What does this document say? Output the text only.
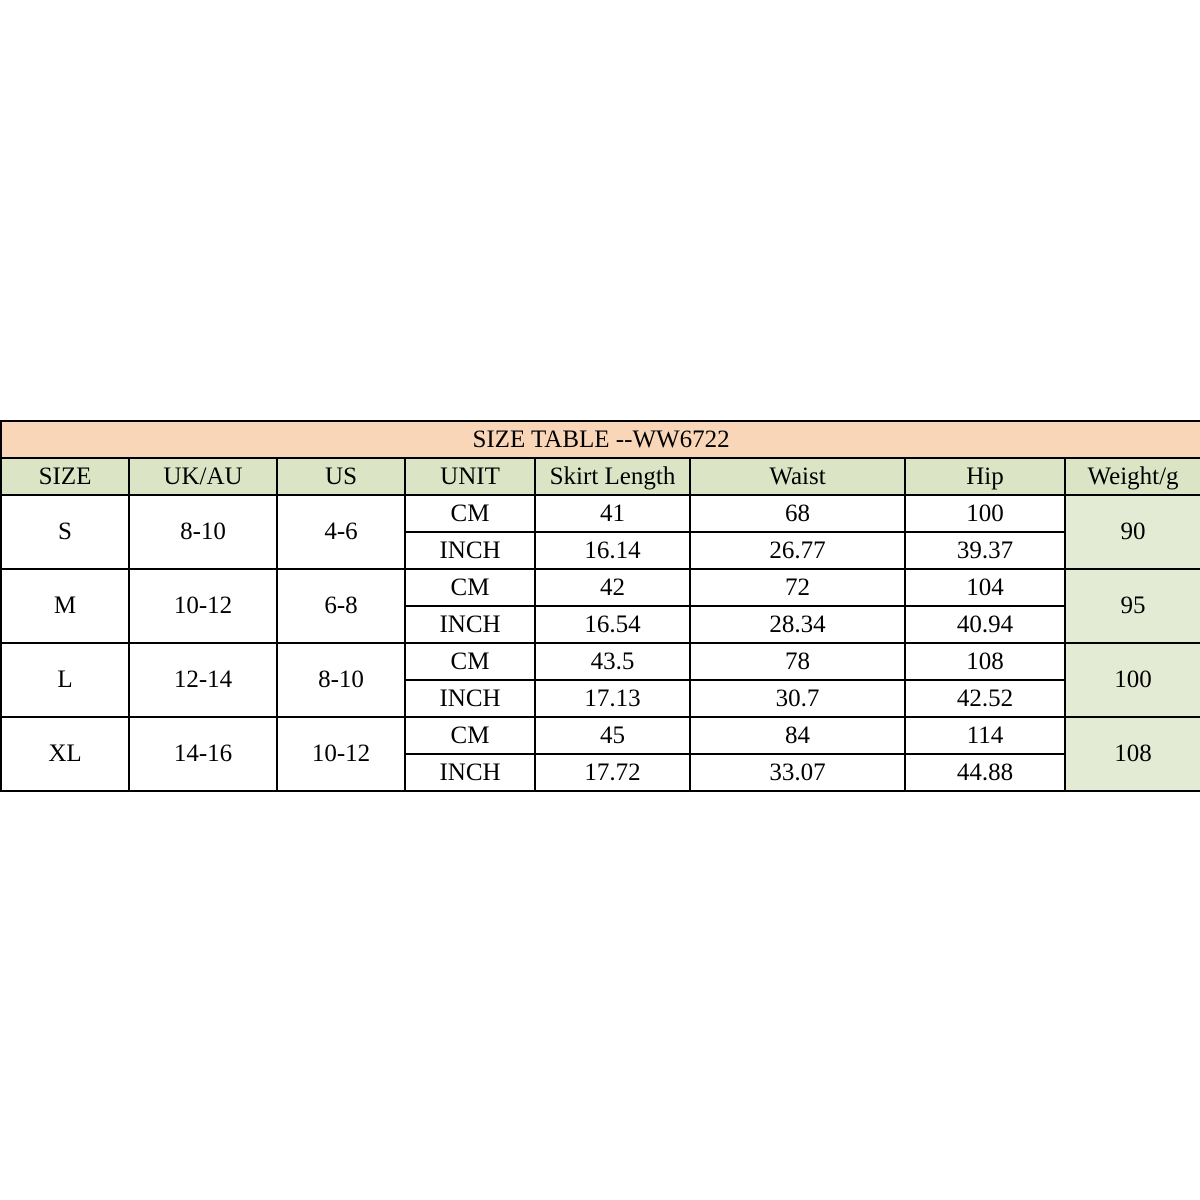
SIZE TABLE --WW6722							
SIZE	UK/AU	US	UNIT	Skirt Length	Waist	Hip	Weight/g
S	8-10	4-6	CM	41	68	100	90
			INCH	16.14	26.77	39.37	
M	10-12	6-8	CM	42	72	104	95
			INCH	16.54	28.34	40.94	
L	12-14	8-10	CM	43.5	78	108	100
			INCH	17.13	30.7	42.52	
XL	14-16	10-12	CM	45	84	114	108
			INCH	17.72	33.07	44.88	
